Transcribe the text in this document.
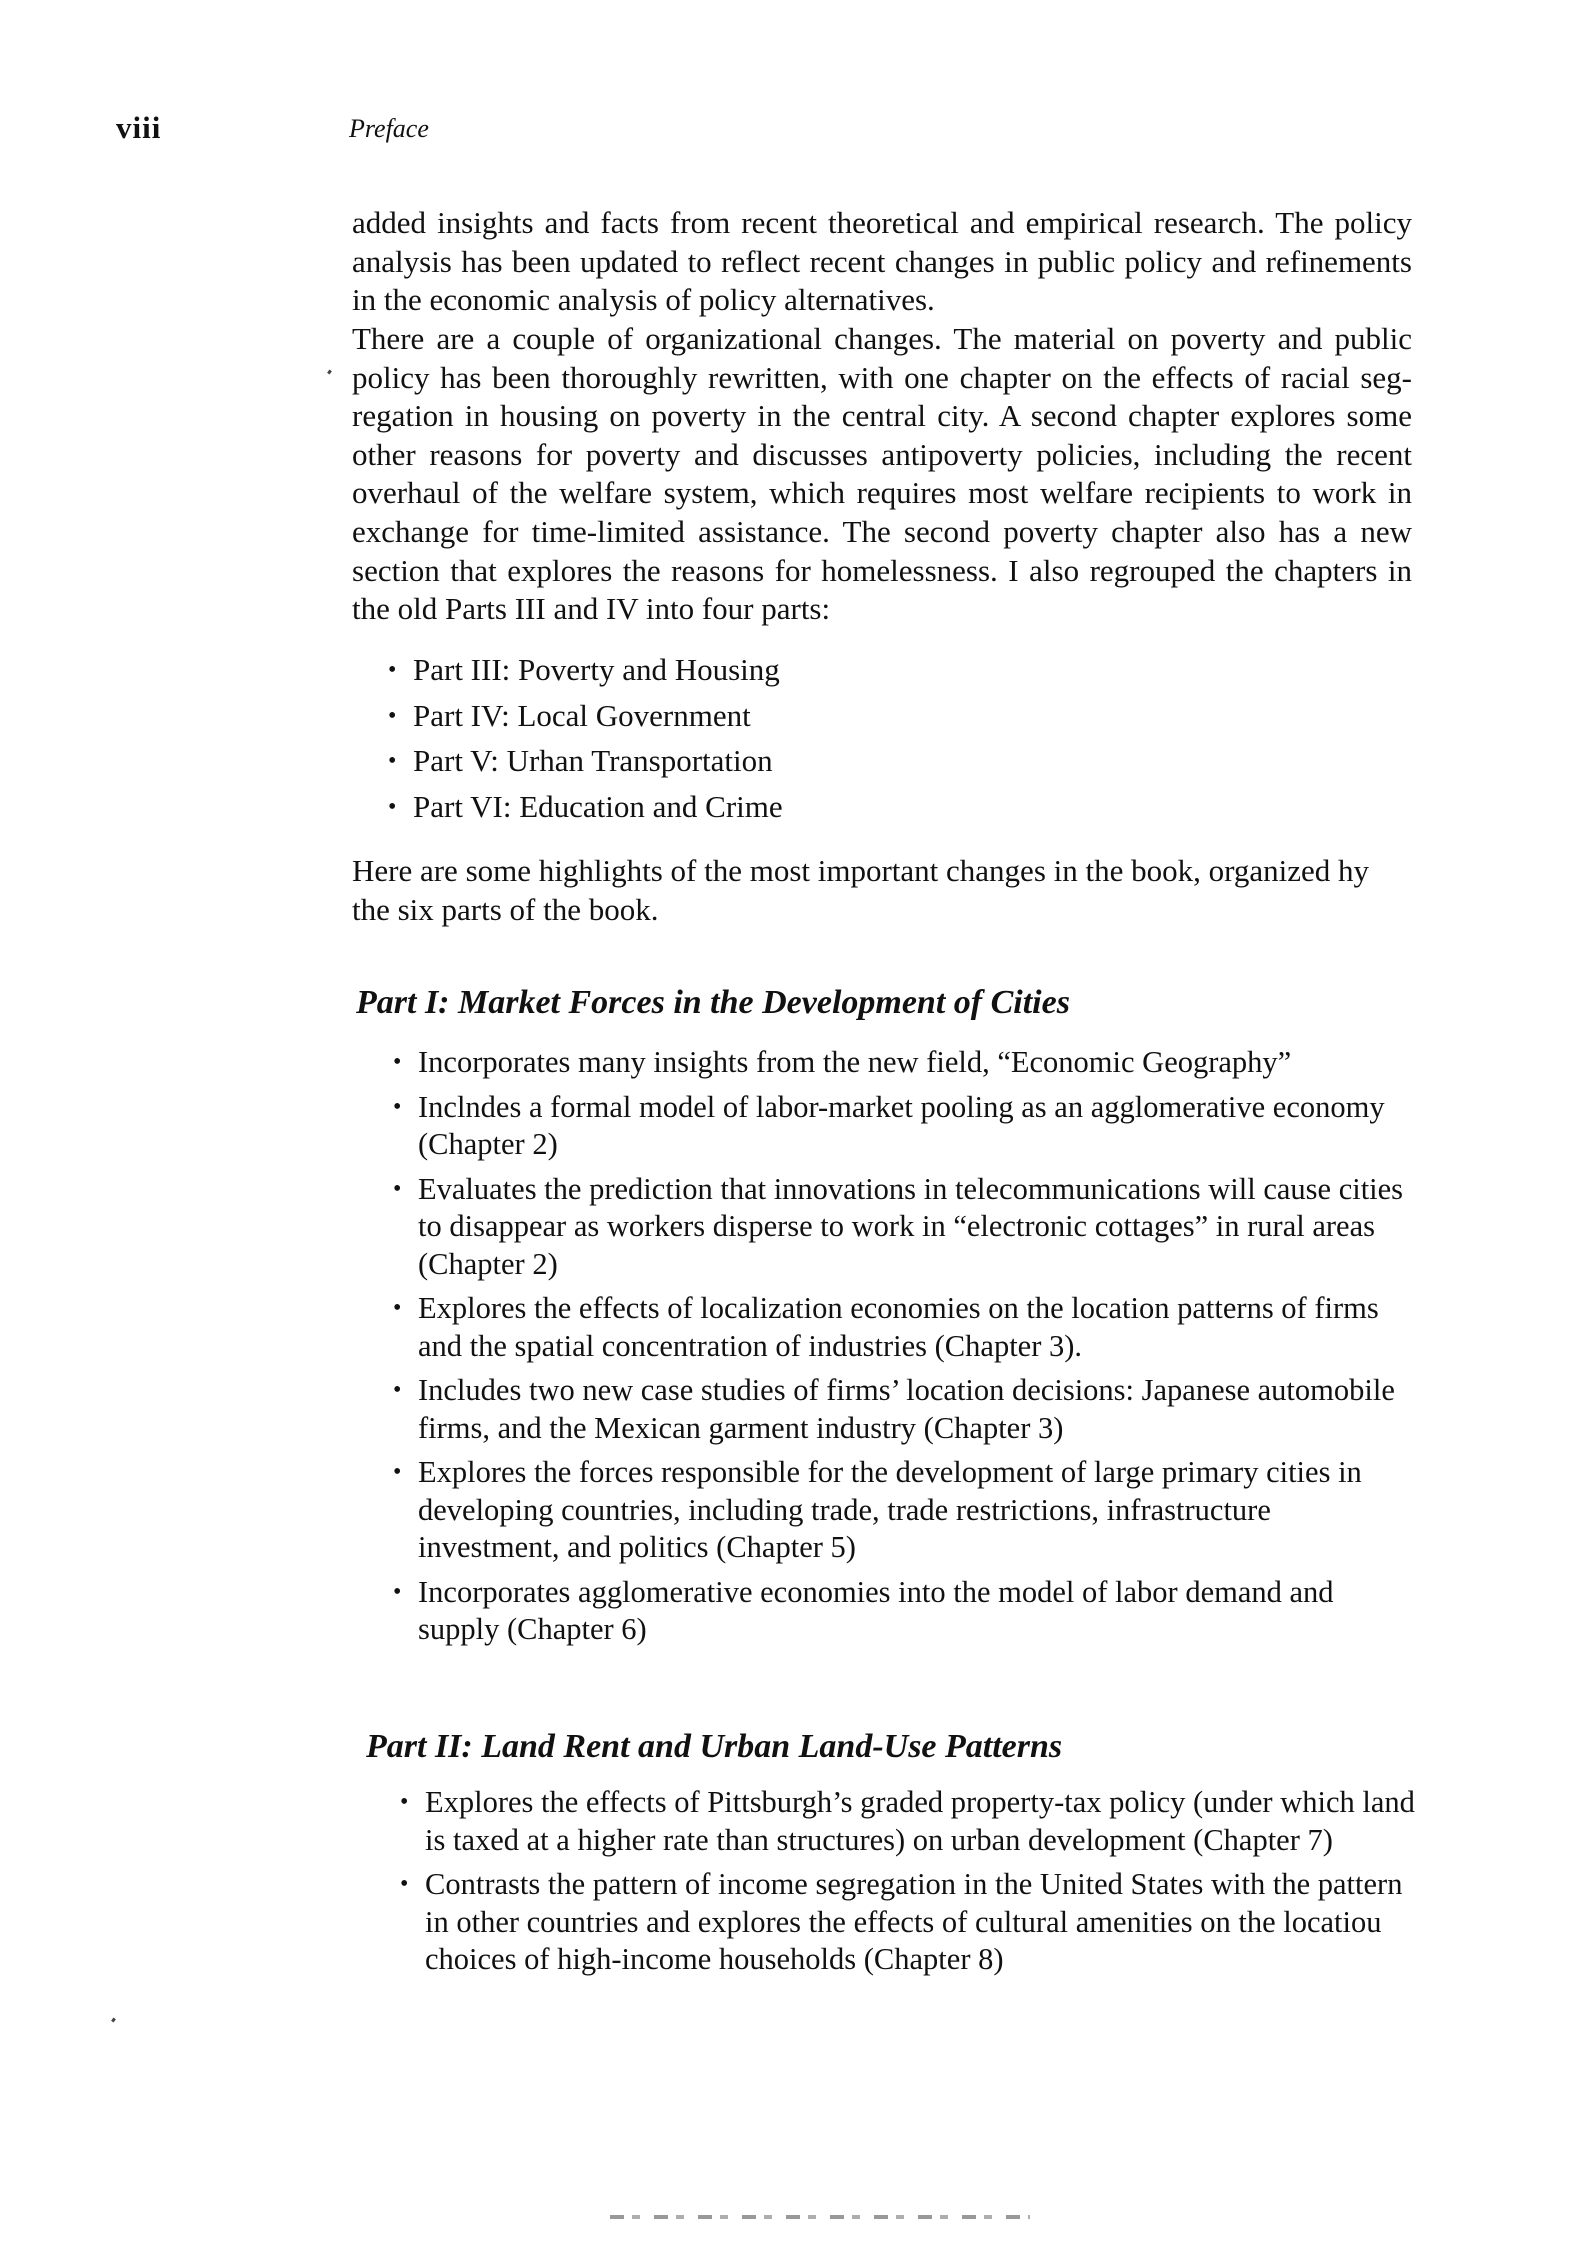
viii	Preface

added insights and facts from recent theoretical and empirical research. The policy analysis has been updated to reflect recent changes in public policy and refinements in the economic analysis of policy alternatives.

There are a couple of organizational changes. The material on poverty and public policy has been thoroughly rewritten, with one chapter on the effects of racial seg-regation in housing on poverty in the central city. A second chapter explores some other reasons for poverty and discusses antipoverty policies, including the recent overhaul of the welfare system, which requires most welfare recipients to work in exchange for time-limited assistance. The second poverty chapter also has a new section that explores the reasons for homelessness. I also regrouped the chapters in the old Parts III and IV into four parts:

• Part III: Poverty and Housing
• Part IV: Local Government
• Part V: Urhan Transportation
• Part VI: Education and Crime

Here are some highlights of the most important changes in the book, organized hy the six parts of the book.

Part I: Market Forces in the Development of Cities
• Incorporates many insights from the new field, “Economic Geography”
• Inclndes a formal model of labor-market pooling as an agglomerative economy (Chapter 2)
• Evaluates the prediction that innovations in telecommunications will cause cities to disappear as workers disperse to work in “electronic cottages” in rural areas (Chapter 2)
• Explores the effects of localization economies on the location patterns of firms and the spatial concentration of industries (Chapter 3).
• Includes two new case studies of firms’ location decisions: Japanese automobile firms, and the Mexican garment industry (Chapter 3)
• Explores the forces responsible for the development of large primary cities in developing countries, including trade, trade restrictions, infrastructure investment, and politics (Chapter 5)
• Incorporates agglomerative economies into the model of labor demand and supply (Chapter 6)
Part II: Land Rent and Urban Land-Use Patterns
• Explores the effects of Pittsburgh’s graded property-tax policy (under which land is taxed at a higher rate than structures) on urban development (Chapter 7)
• Contrasts the pattern of income segregation in the United States with the pattern in other countries and explores the effects of cultural amenities on the locatiou choices of high-income households (Chapter 8)
